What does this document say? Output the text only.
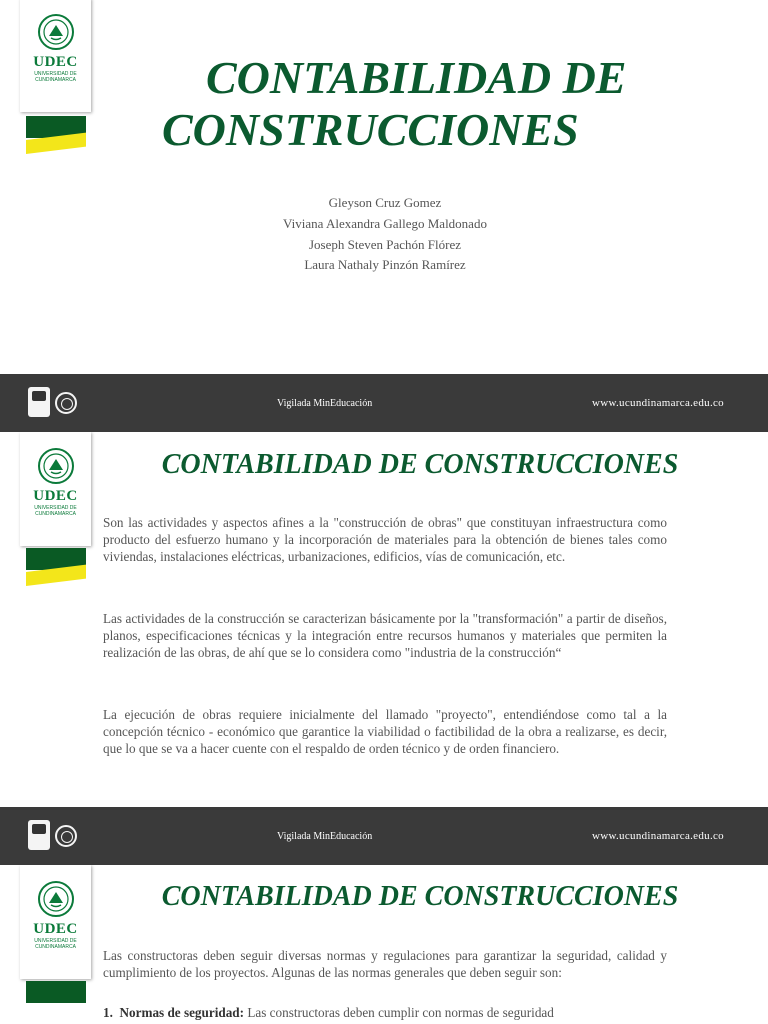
UDEC
UNIVERSIDAD DE CUNDINAMARCA	CONTABILIDAD DE
CONSTRUCCIONES
Gleyson Cruz Gomez
Viviana Alexandra Gallego Maldonado
Joseph Steven Pachón Flórez
Laura Nathaly Pinzón Ramírez
Vigilada MinEducación	www.ucundinamarca.edu.co
UDEC
UNIVERSIDAD DE CUNDINAMARCA
CONTABILIDAD DE CONSTRUCCIONES

Son las actividades y aspectos afines a la "construcción de obras" que constituyan infraestructura como producto del esfuerzo humano y la incorporación de materiales para la obtención de bienes tales como viviendas, instalaciones eléctricas, urbanizaciones, edificios, vías de comunicación, etc.

Las actividades de la construcción se caracterizan básicamente por la "transformación" a partir de diseños, planos, especificaciones técnicas y la integración entre recursos humanos y materiales que permiten la realización de las obras, de ahí que se lo considera como "industria de la construcción“

La ejecución de obras requiere inicialmente del llamado "proyecto", entendiéndose como tal a la concepción técnico - económico que garantice la viabilidad o factibilidad de la obra a realizarse, es decir, que lo que se va a hacer cuente con el respaldo de orden técnico y de orden financiero.

Vigilada MinEducación	www.ucundinamarca.edu.co
UDEC
UNIVERSIDAD DE CUNDINAMARCA
CONTABILIDAD DE CONSTRUCCIONES

Las constructoras deben seguir diversas normas y regulaciones para garantizar la seguridad, calidad y cumplimiento de los proyectos. Algunas de las normas generales que deben seguir son:

1. Normas de seguridad: Las constructoras deben cumplir con normas de seguridad
